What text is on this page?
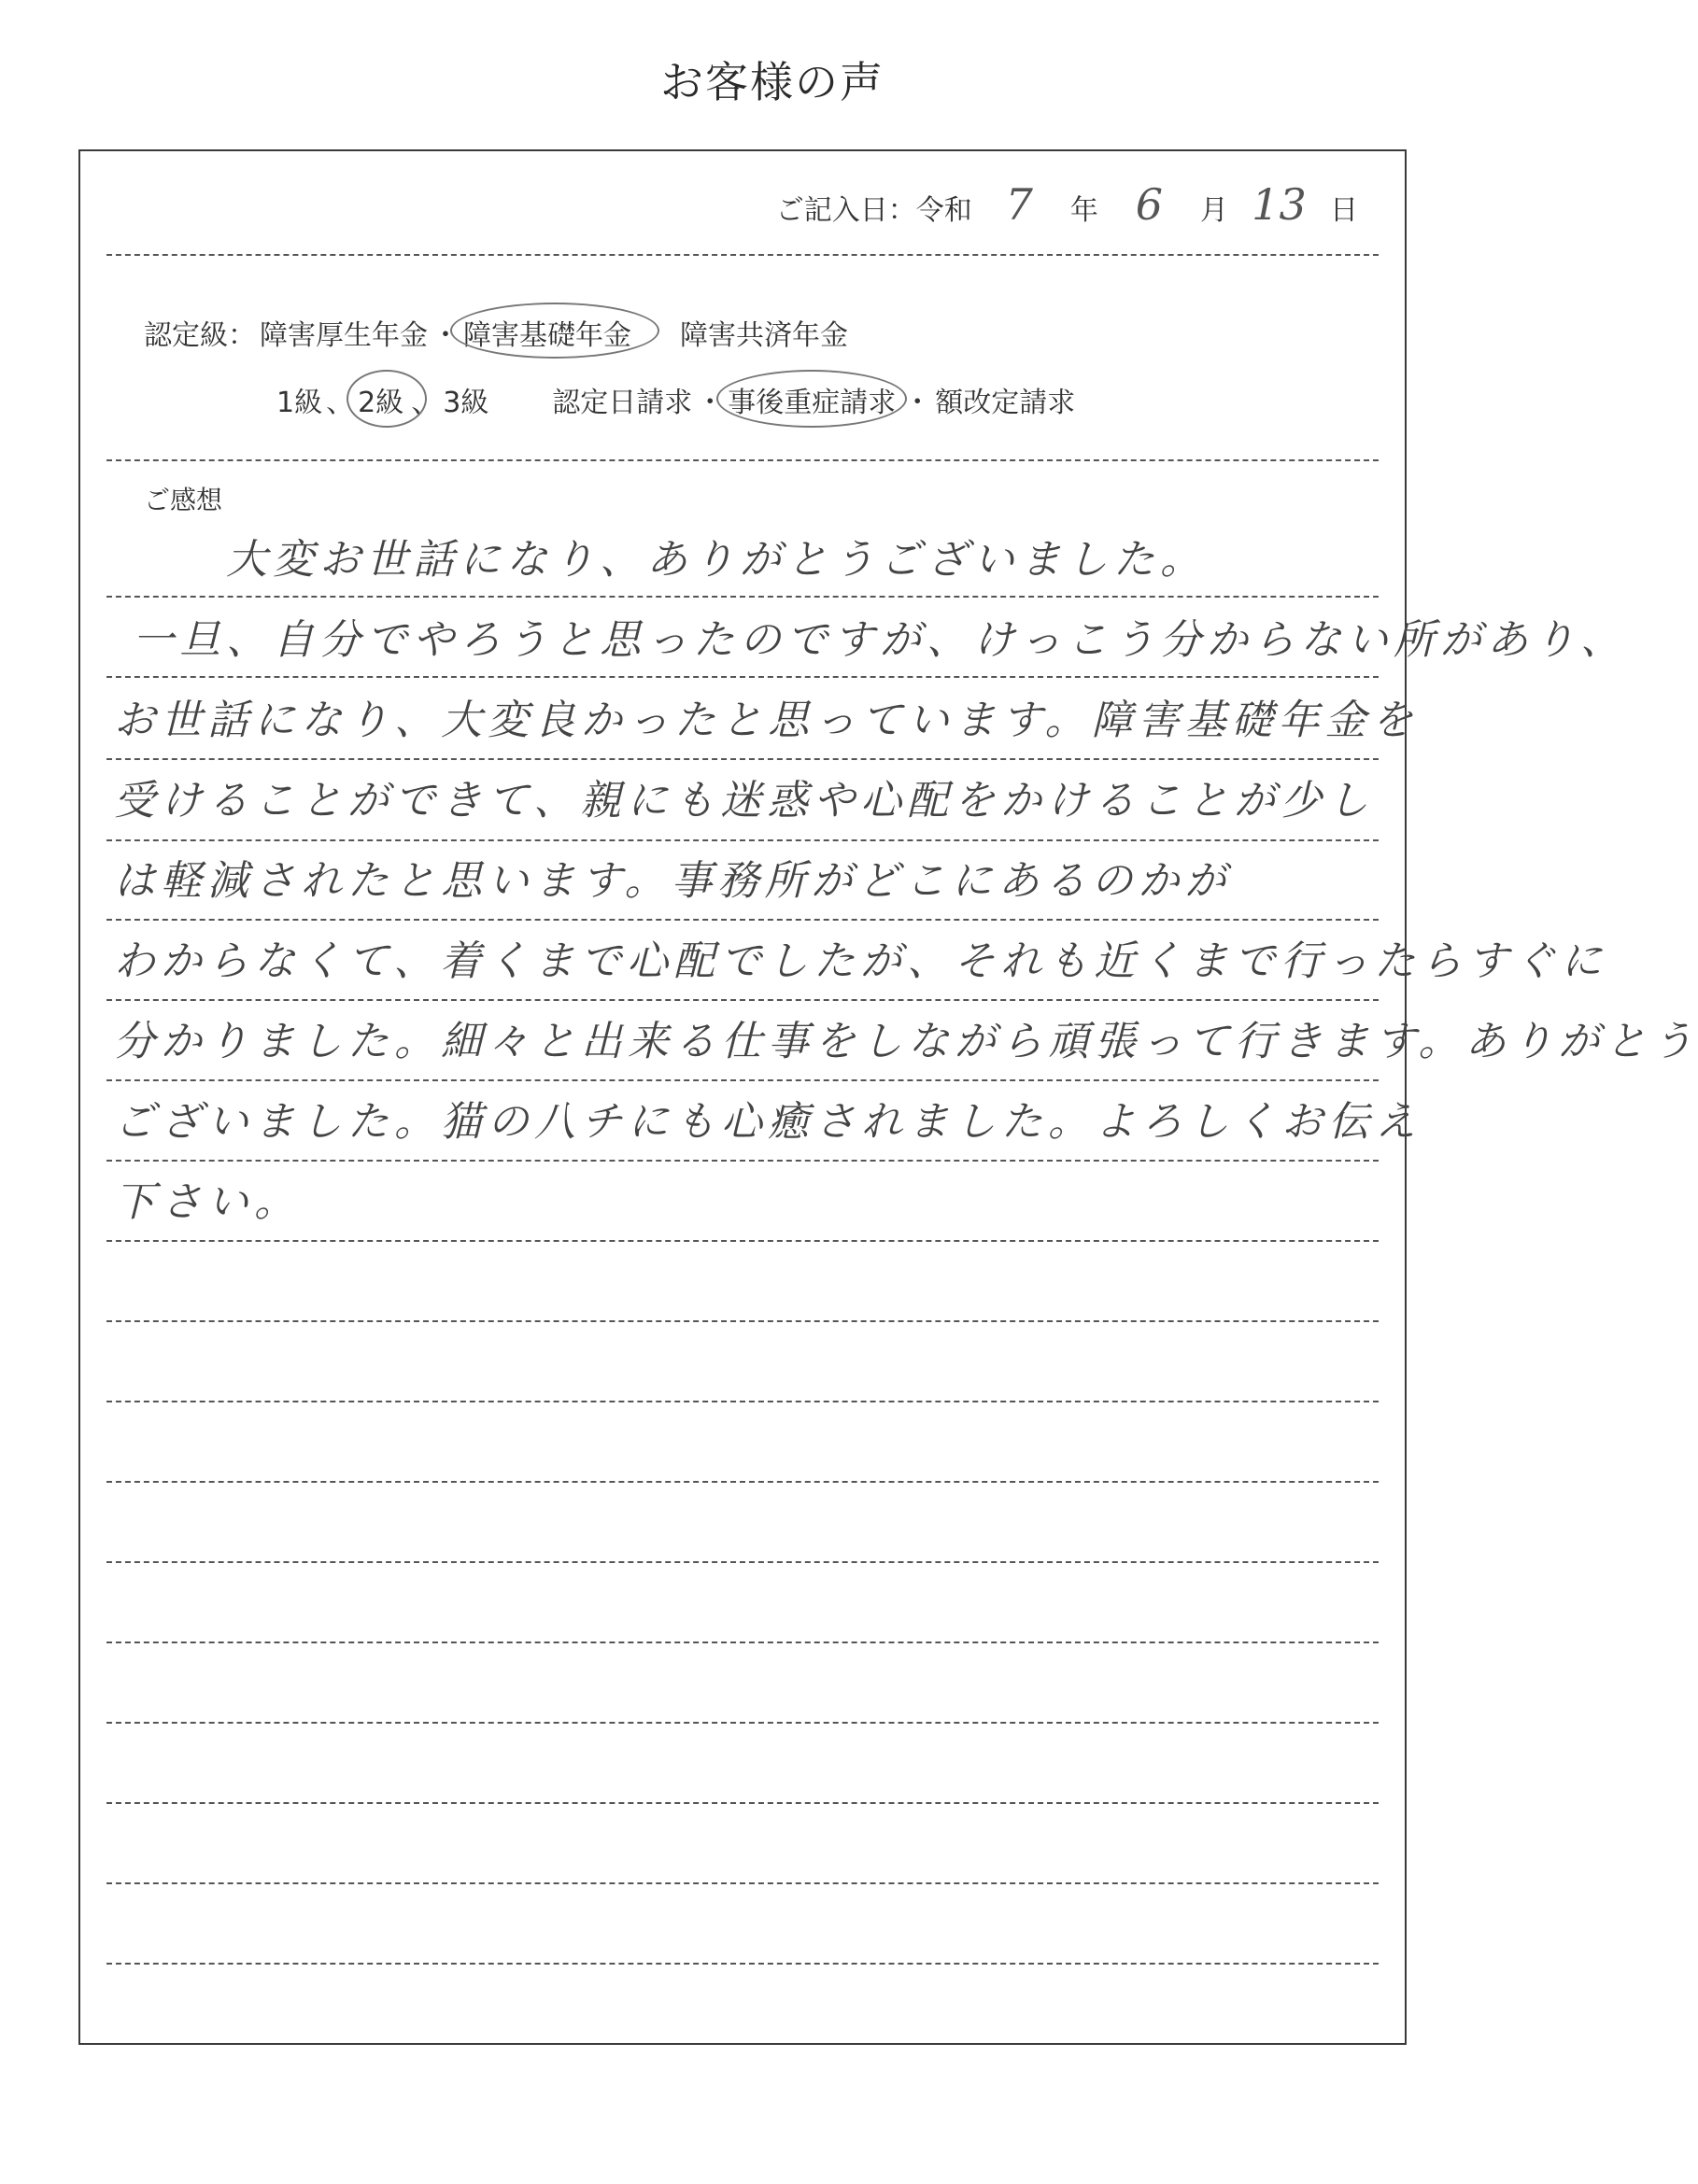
お客様の声
ご記入日：令和 7 年 6 月 13 日
認定級： 障害厚生年金 ・ 障害基礎年金 障害共済年金
1級 、 2級 、 3級 認定日請求 ・ 事後重症請求 ・ 額改定請求
ご感想
大変お世話になり、ありがとうございました。
一旦、自分でやろうと思ったのですが、けっこう分からない所があり、
お世話になり、大変良かったと思っています。障害基礎年金を
受けることができて、親にも迷惑や心配をかけることが少し
は軽減されたと思います。事務所がどこにあるのかが
わからなくて、着くまで心配でしたが、それも近くまで行ったらすぐに
分かりました。細々と出来る仕事をしながら頑張って行きます。ありがとう
ございました。猫の八チにも心癒されました。よろしくお伝え
下さい。
